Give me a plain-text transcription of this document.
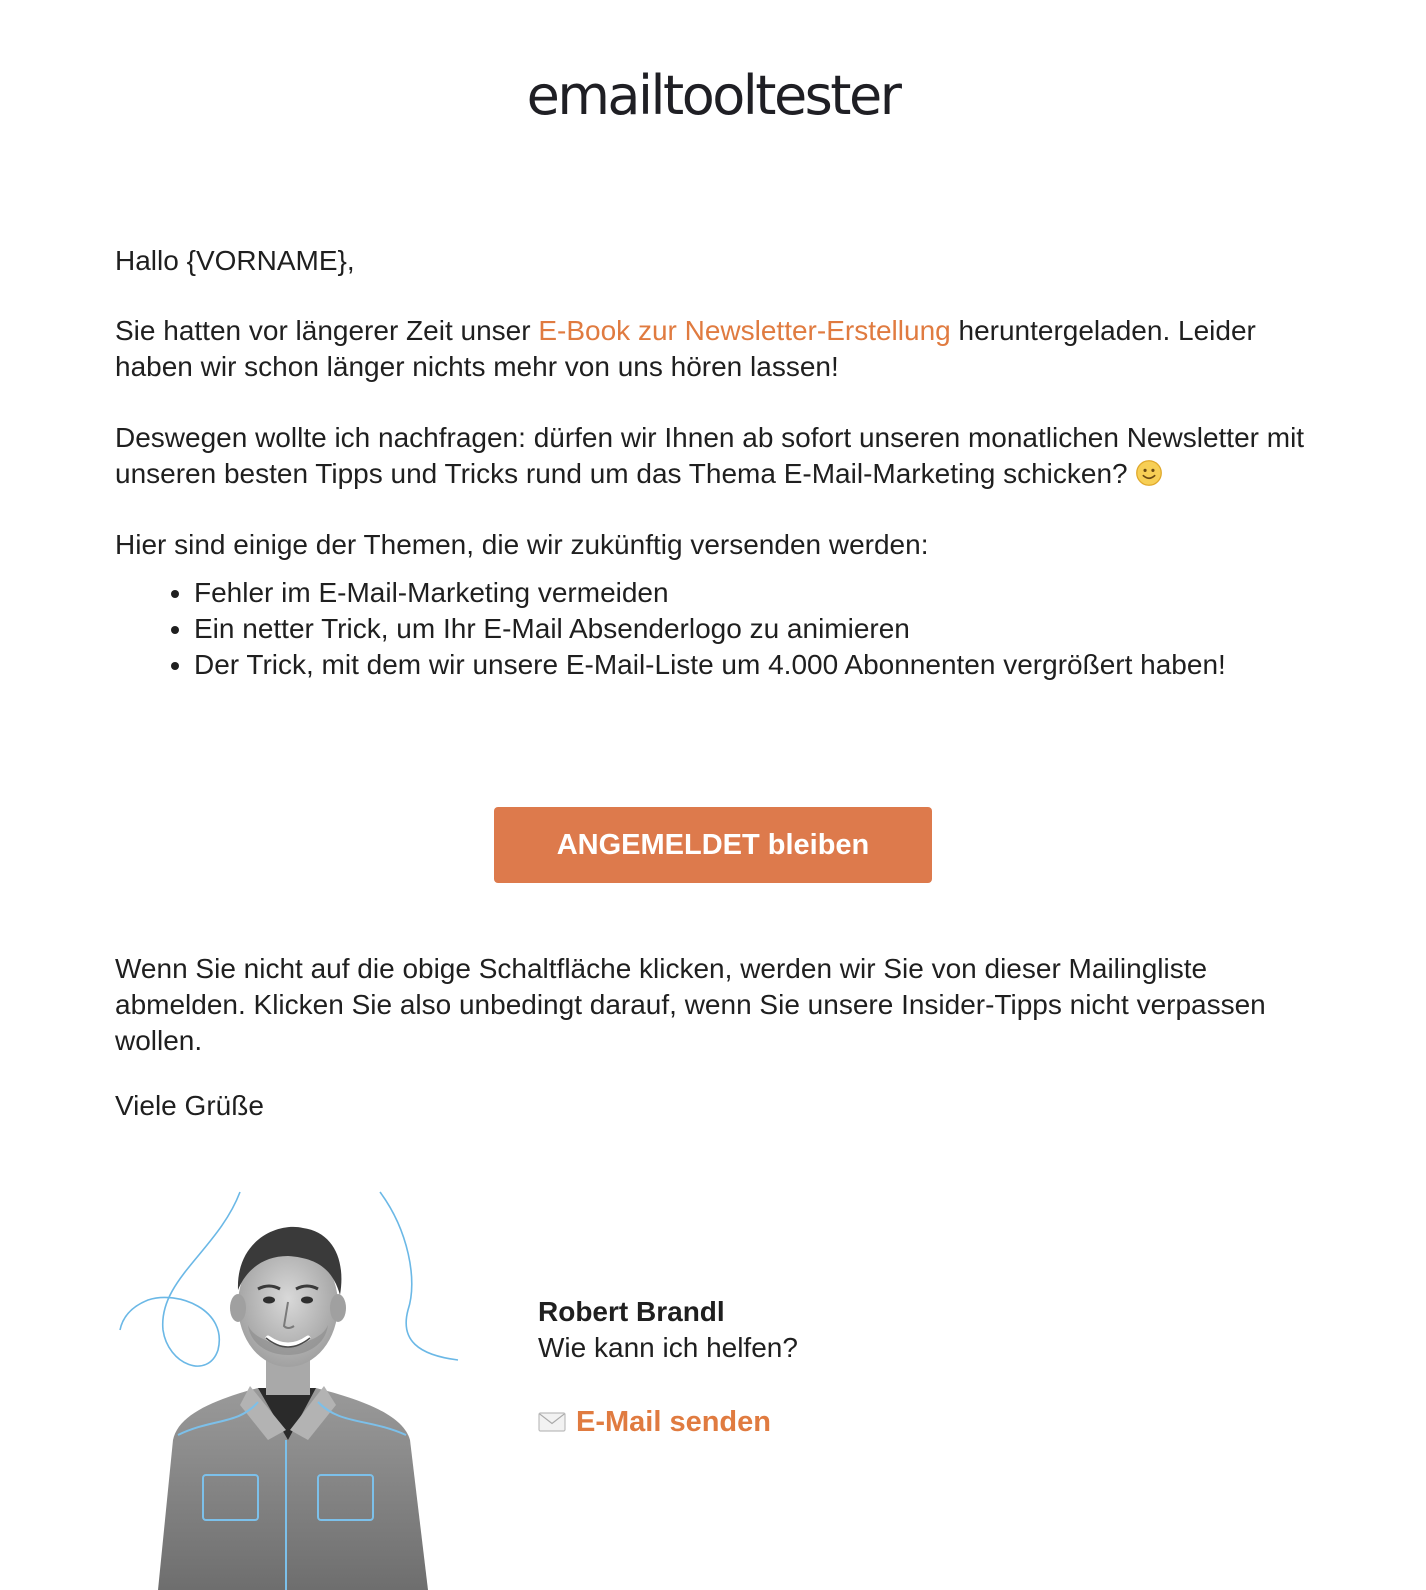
emailtooltester

Hallo {VORNAME},

Sie hatten vor längerer Zeit unser E-Book zur Newsletter-Erstellung heruntergeladen. Leider haben wir schon länger nichts mehr von uns hören lassen!

Deswegen wollte ich nachfragen: dürfen wir Ihnen ab sofort unseren monatlichen Newsletter mit unseren besten Tipps und Tricks rund um das Thema E-Mail-Marketing schicken?

Hier sind einige der Themen, die wir zukünftig versenden werden:

• Fehler im E-Mail-Marketing vermeiden
• Ein netter Trick, um Ihr E-Mail Absenderlogo zu animieren
• Der Trick, mit dem wir unsere E-Mail-Liste um 4.000 Abonnenten vergrößert haben!
ANGEMELDET bleiben

Wenn Sie nicht auf die obige Schaltfläche klicken, werden wir Sie von dieser Mailingliste abmelden. Klicken Sie also unbedingt darauf, wenn Sie unsere Insider-Tipps nicht verpassen wollen.

Viele Grüße

Robert Brandl
Wie kann ich helfen?
E-Mail senden
